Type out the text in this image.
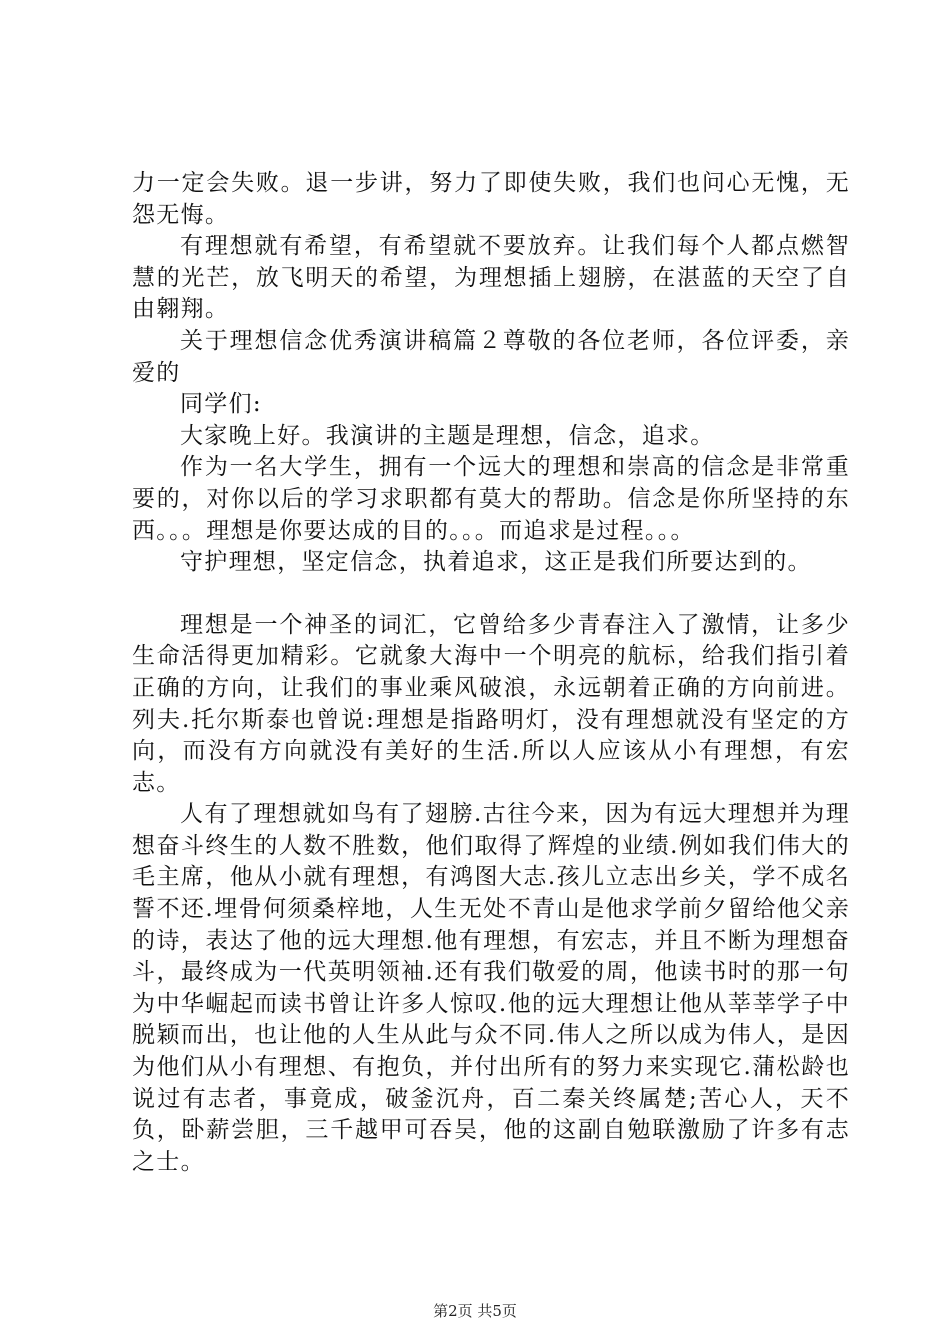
力一定会失败。退一步讲，努力了即使失败，我们也问心无愧，无怨无悔。

有理想就有希望，有希望就不要放弃。让我们每个人都点燃智慧的光芒，放飞明天的希望，为理想插上翅膀，在湛蓝的天空了自由翱翔。

关于理想信念优秀演讲稿篇２尊敬的各位老师，各位评委，亲爱的

同学们:

大家晚上好。我演讲的主题是理想，信念，追求。

作为一名大学生，拥有一个远大的理想和崇高的信念是非常重要的，对你以后的学习求职都有莫大的帮助。信念是你所坚持的东西。。。理想是你要达成的目的。。。而追求是过程。。。

守护理想，坚定信念，执着追求，这正是我们所要达到的。

理想是一个神圣的词汇，它曾给多少青春注入了激情，让多少生命活得更加精彩。它就象大海中一个明亮的航标，给我们指引着正确的方向，让我们的事业乘风破浪，永远朝着正确的方向前进。列夫.托尔斯泰也曾说:理想是指路明灯，没有理想就没有坚定的方向，而没有方向就没有美好的生活.所以人应该从小有理想，有宏志。

人有了理想就如鸟有了翅膀.古往今来，因为有远大理想并为理想奋斗终生的人数不胜数，他们取得了辉煌的业绩.例如我们伟大的毛主席，他从小就有理想，有鸿图大志.孩儿立志出乡关，学不成名誓不还.埋骨何须桑梓地，人生无处不青山是他求学前夕留给他父亲的诗，表达了他的远大理想.他有理想，有宏志，并且不断为理想奋斗，最终成为一代英明领袖.还有我们敬爱的周，他读书时的那一句为中华崛起而读书曾让许多人惊叹.他的远大理想让他从莘莘学子中脱颖而出，也让他的人生从此与众不同.伟人之所以成为伟人，是因为他们从小有理想、有抱负，并付出所有的努力来实现它.蒲松龄也说过有志者，事竟成，破釜沉舟，百二秦关终属楚;苦心人，天不负，卧薪尝胆，三千越甲可吞吴，他的这副自勉联激励了许多有志之士。

第2页 共5页
